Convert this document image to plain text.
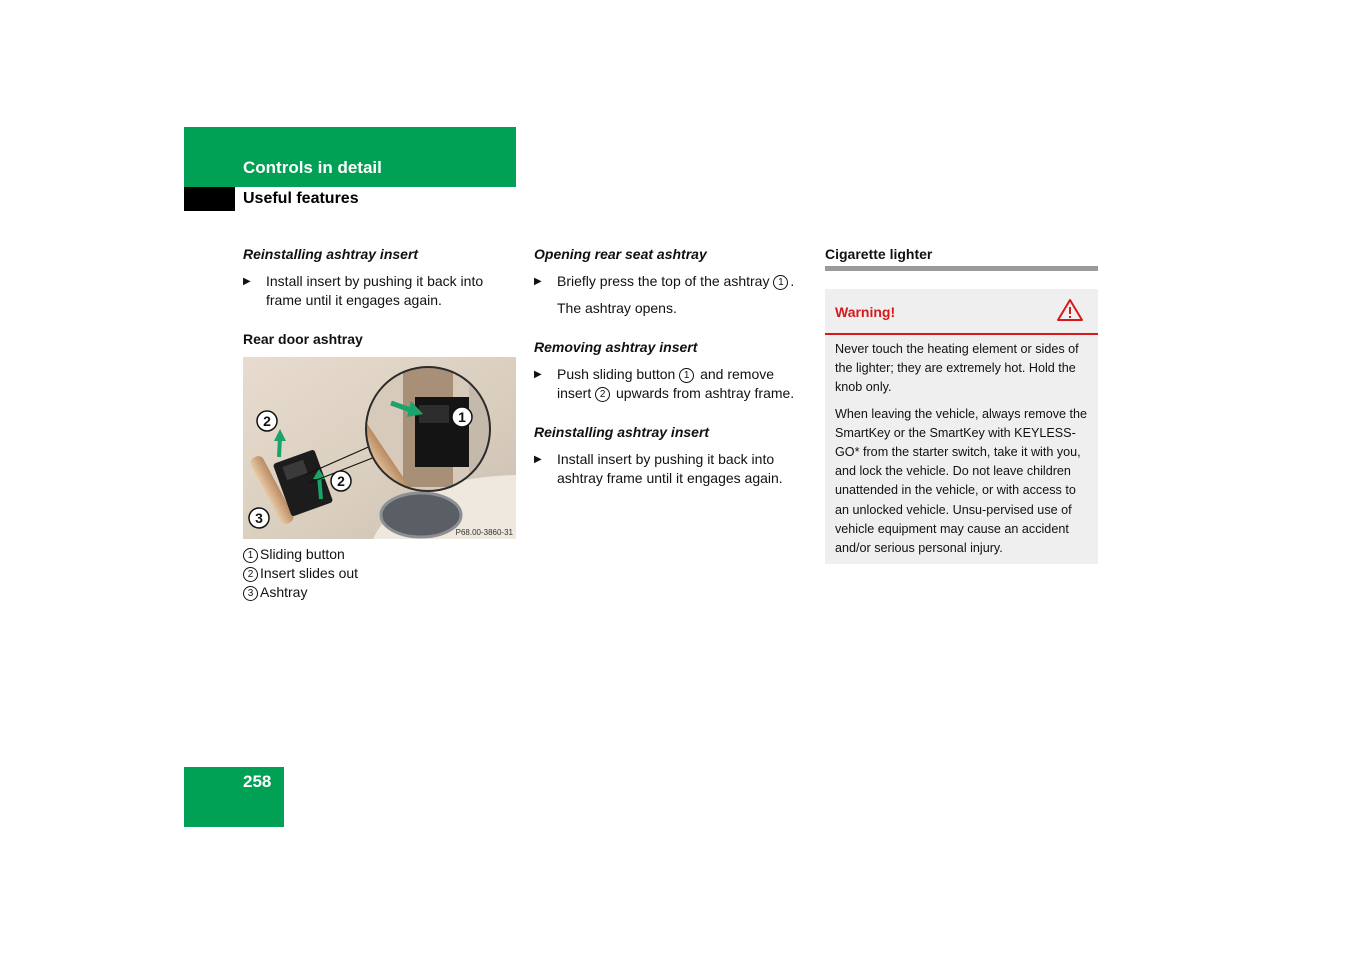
Controls in detail
Useful features

Reinstalling ashtray insert

▶ Install insert by pushing it back into frame until it engages again.

Rear door ashtray

1
2
2
3
P68.00-3860-31

1 Sliding button

2 Insert slides out

3 Ashtray

Opening rear seat ashtray

▶ Briefly press the top of the ashtray 1 .

The ashtray opens.

Removing ashtray insert

▶ Push sliding button 1 and remove insert 2 upwards from ashtray frame.

Reinstalling ashtray insert

▶ Install insert by pushing it back into ashtray frame until it engages again.

Cigarette lighter

Warning!

Never touch the heating element or sides of the lighter; they are extremely hot. Hold the knob only.

When leaving the vehicle, always remove the SmartKey or the SmartKey with KEYLESS-GO* from the starter switch, take it with you, and lock the vehicle. Do not leave children unattended in the vehicle, or with access to an unlocked vehicle. Unsu-pervised use of vehicle equipment may cause an accident and/or serious personal injury.

258
